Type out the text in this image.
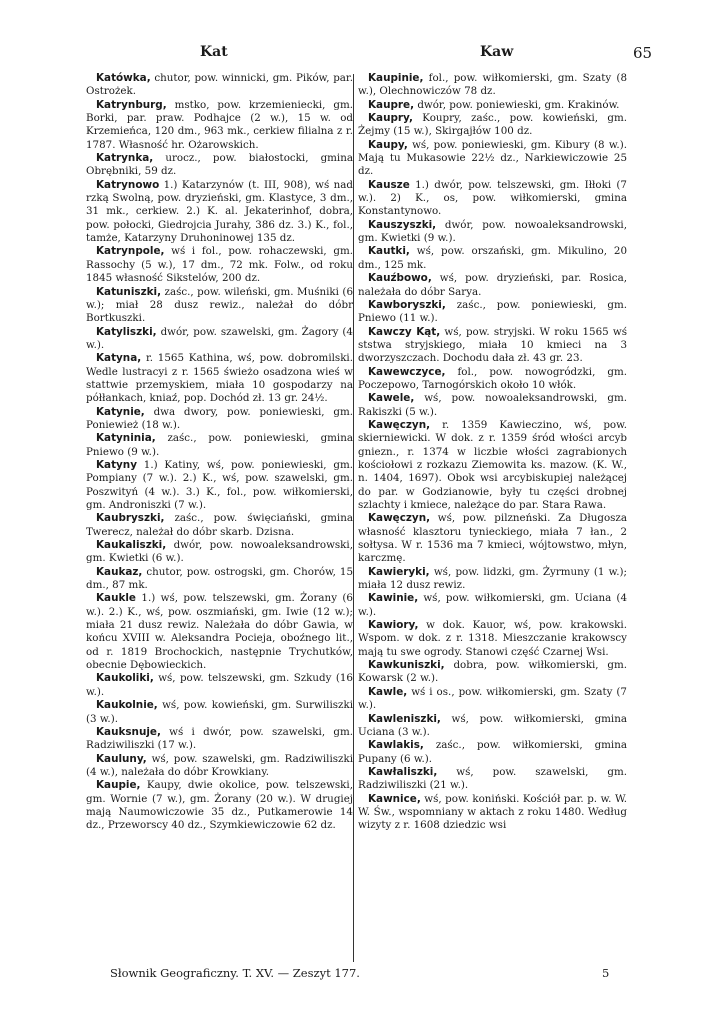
Kat	Kaw	65

Katówka, chutor, pow. winnicki, gm. Pików, par. Ostrożek.

Katrynburg, mstko, pow. krzemieniecki, gm. Borki, par. praw. Podhajce (2 w.), 15 w. od Krzemieńca, 120 dm., 963 mk., cerkiew filialna z r. 1787. Własność hr. Ożarowskich.

Katrynka, urocz., pow. białostocki, gmina Obrębniki, 59 dz.

Katrynowo 1.) Katarzynów (t. III, 908), wś nad rzką Swolną, pow. dryzieński, gm. Klastyce, 3 dm., 31 mk., cerkiew. 2.) K. al. Jekaterinhof, dobra, pow. połocki, Giedrojcia Jurahy, 386 dz. 3.) K., fol., tamże, Katarzyny Druhoninowej 135 dz.

Katrynpole, wś i fol., pow. rohaczewski, gm. Rassochy (5 w.), 17 dm., 72 mk. Folw., od roku 1845 własność Sikstelów, 200 dz.

Katuniszki, zaśc., pow. wileński, gm. Muśniki (6 w.); miał 28 dusz rewiz., należał do dóbr Bortkuszki.

Katyliszki, dwór, pow. szawelski, gm. Żagory (4 w.).

Katyna, r. 1565 Kathina, wś, pow. dobromilski. Wedle lustracyi z r. 1565 świeżo osadzona wieś w stattwie przemyskiem, miała 10 gospodarzy na półłankach, kniaź, pop. Dochód zł. 13 gr. 24½.

Katynie, dwa dwory, pow. poniewieski, gm. Poniewież (18 w.).

Katyninia, zaśc., pow. poniewieski, gmina Pniewo (9 w.).

Katyny 1.) Katiny, wś, pow. poniewieski, gm. Pompiany (7 w.). 2.) K., wś, pow. szawelski, gm. Poszwityń (4 w.). 3.) K., fol., pow. wiłkomierski, gm. Androniszki (7 w.).

Kaubryszki, zaśc., pow. święciański, gmina Twerecz, należał do dóbr skarb. Dzisna.

Kaukaliszki, dwór, pow. nowoaleksandrowski, gm. Kwietki (6 w.).

Kaukaz, chutor, pow. ostrogski, gm. Chorów, 15 dm., 87 mk.

Kaukle 1.) wś, pow. telszewski, gm. Żorany (6 w.). 2.) K., wś, pow. oszmiański, gm. Iwie (12 w.); miała 21 dusz rewiz. Należała do dóbr Gawia, w końcu XVIII w. Aleksandra Pocieja, oboźnego lit., od r. 1819 Brochockich, następnie Trychutków, obecnie Dębowieckich.

Kaukoliki, wś, pow. telszewski, gm. Szkudy (16 w.).

Kaukolnie, wś, pow. kowieński, gm. Surwiliszki (3 w.).

Kauksnuje, wś i dwór, pow. szawelski, gm. Radziwiliszki (17 w.).

Kauluny, wś, pow. szawelski, gm. Radziwiliszki (4 w.), należała do dóbr Krowkiany.

Kaupie, Kaupy, dwie okolice, pow. telszewski, gm. Wornie (7 w.), gm. Żorany (20 w.). W drugiej mają Naumowiczowie 35 dz., Putkamerowie 14 dz., Przeworscy 40 dz., Szymkiewiczowie 62 dz.

Kaupinie, fol., pow. wiłkomierski, gm. Szaty (8 w.), Olechnowiczów 78 dz.

Kaupre, dwór, pow. poniewieski, gm. Krakinów.

Kaupry, Koupry, zaśc., pow. kowieński, gm. Żejmy (15 w.), Skirgajłów 100 dz.

Kaupy, wś, pow. poniewieski, gm. Kibury (8 w.). Mają tu Mukasowie 22½ dz., Narkiewiczowie 25 dz.

Kausze 1.) dwór, pow. telszewski, gm. Iłłoki (7 w.). 2) K., os, pow. wiłkomierski, gmina Konstantynowo.

Kauszyszki, dwór, pow. nowoaleksandrowski, gm. Kwietki (9 w.).

Kautki, wś, pow. orszański, gm. Mikulino, 20 dm., 125 mk.

Kauźbowo, wś, pow. dryzieński, par. Rosica, należała do dóbr Sarya.

Kawboryszki, zaśc., pow. poniewieski, gm. Pniewo (11 w.).

Kawczy Kąt, wś, pow. stryjski. W roku 1565 wś ststwa stryjskiego, miała 10 kmieci na 3 dworzyszczach. Dochodu dała zł. 43 gr. 23.

Kawewczyce, fol., pow. nowogródzki, gm. Poczepowo, Tarnogórskich około 10 włók.

Kawele, wś, pow. nowoaleksandrowski, gm. Rakiszki (5 w.).

Kawęczyn, r. 1359 Kawieczino, wś, pow. skierniewicki. W dok. z r. 1359 śród włości arcyb gniezn., r. 1374 w liczbie włości zagrabionych kościołowi z rozkazu Ziemowita ks. mazow. (K. W., n. 1404, 1697). Obok wsi arcybiskupiej należącej do par. w Godzianowie, były tu części drobnej szlachty i kmiece, należące do par. Stara Rawa.

Kawęczyn, wś, pow. pilzneński. Za Długosza własność klasztoru tynieckiego, miała 7 łan., 2 sołtysa. W r. 1536 ma 7 kmieci, wójtowstwo, młyn, karczmę.

Kawieryki, wś, pow. lidzki, gm. Żyrmuny (1 w.); miała 12 dusz rewiz.

Kawinie, wś, pow. wiłkomierski, gm. Uciana (4 w.).

Kawiory, w dok. Kauor, wś, pow. krakowski. Wspom. w dok. z r. 1318. Mieszczanie krakowscy mają tu swe ogrody. Stanowi część Czarnej Wsi.

Kawkuniszki, dobra, pow. wiłkomierski, gm. Kowarsk (2 w.).

Kawle, wś i os., pow. wiłkomierski, gm. Szaty (7 w.).

Kawleniszki, wś, pow. wiłkomierski, gmina Uciana (3 w.).

Kawlakis, zaśc., pow. wiłkomierski, gmina Pupany (6 w.).

Kawłaliszki, wś, pow. szawelski, gm. Radziwiliszki (21 w.).

Kawnice, wś, pow. koniński. Kościół par. p. w. W. W. Św., wspomniany w aktach z roku 1480. Według wizyty z r. 1608 dziedzic wsi

Słownik Geograficzny. T. XV. — Zeszyt 177.	5
